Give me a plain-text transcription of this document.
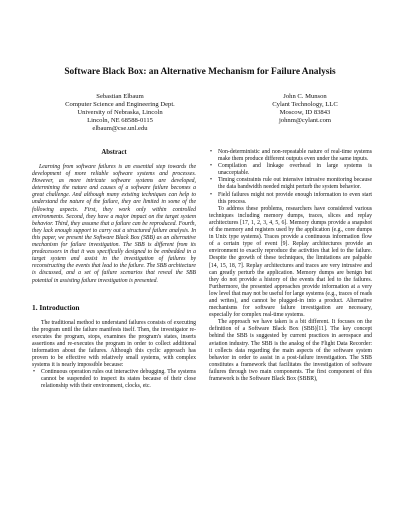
Software Black Box: an Alternative Mechanism for Failure Analysis
Sebastian Elbaum
Computer Science and Engineering Dept.
University of Nebraska, Lincoln
Lincoln, NE 68588-0115
elbaum@cse.unl.edu
John C. Munson
Cylant Technology, LLC
Moscow, ID 83843
johnm@cylant.com
Abstract

Learning from software failures is an essential step towards the development of more reliable software systems and processes. However, as more intricate software systems are developed, determining the nature and causes of a software failure becomes a great challenge. And although many existing techniques can help to understand the nature of the failure, they are limited in some of the following aspects. First, they work only within controlled environments. Second, they have a major impact on the target system behavior. Third, they assume that a failure can be reproduced. Fourth, they lack enough support to carry out a structured failure analysis. In this paper, we present the Software Black Box (SBB) as an alternative mechanism for failure investigation. The SBB is different from its predecessors in that it was specifically designed to be embedded in a target system and assist in the investigation of failures by reconstructing the events that lead to the failure. The SBB architecture is discussed, and a set of failure scenarios that reveal the SBB potential in assisting failure investigation is presented.

1. Introduction

The traditional method to understand failures consists of executing the program until the failure manifests itself. Then, the investigator re-executes the program, stops, examines the program's states, inserts assertions and re-executes the program in order to collect additional information about the failures. Although this cyclic approach has proven to be effective with relatively small systems, with complex systems it is nearly impossible because:

• Continuous operation rules out interactive debugging. The systems cannot be suspended to inspect its states because of their close relationship with their environment, clocks, etc.
• Non-deterministic and non-repeatable nature of real-time systems make them produce different outputs even under the same inputs.
• Compilation and linkage overhead in large systems is unacceptable.
• Timing constraints rule out intensive intrusive monitoring because the data bandwidth needed might perturb the system behavior.
• Field failures might not provide enough information to even start this process.

To address these problems, researchers have considered various techniques including memory dumps, traces, slices and replay architectures [17, 1, 2, 3, 4, 5, 6]. Memory dumps provide a snapshot of the memory and registers used by the application (e.g., core dumps in Unix type systems). Traces provide a continuous information flow of a certain type of event [9]. Replay architectures provide an environment to exactly reproduce the activities that led to the failure. Despite the growth of these techniques, the limitations are palpable [14, 15, 18, 7]. Replay architectures and traces are very intrusive and can greatly perturb the application. Memory dumps are benign but they do not provide a history of the events that led to the failures. Furthermore, the presented approaches provide information at a very low level that may not be useful for large systems (e.g., traces of reads and writes), and cannot be plugged-in into a product. Alternative mechanisms for software failure investigation are necessary, especially for complex real-time systems.

The approach we have taken is a bit different. It focuses on the definition of a Software Black Box (SBB)[11]. The key concept behind the SBB is suggested by current practices in aerospace and aviation industry. The SBB is the analog of the Flight Data Recorder: it collects data regarding the main aspects of the software system behavior in order to assist in a post-failure investigation. The SBB constitutes a framework that facilitates the investigation of software failures through two main components. The first component of this framework is the Software Black Box (SBBR),
